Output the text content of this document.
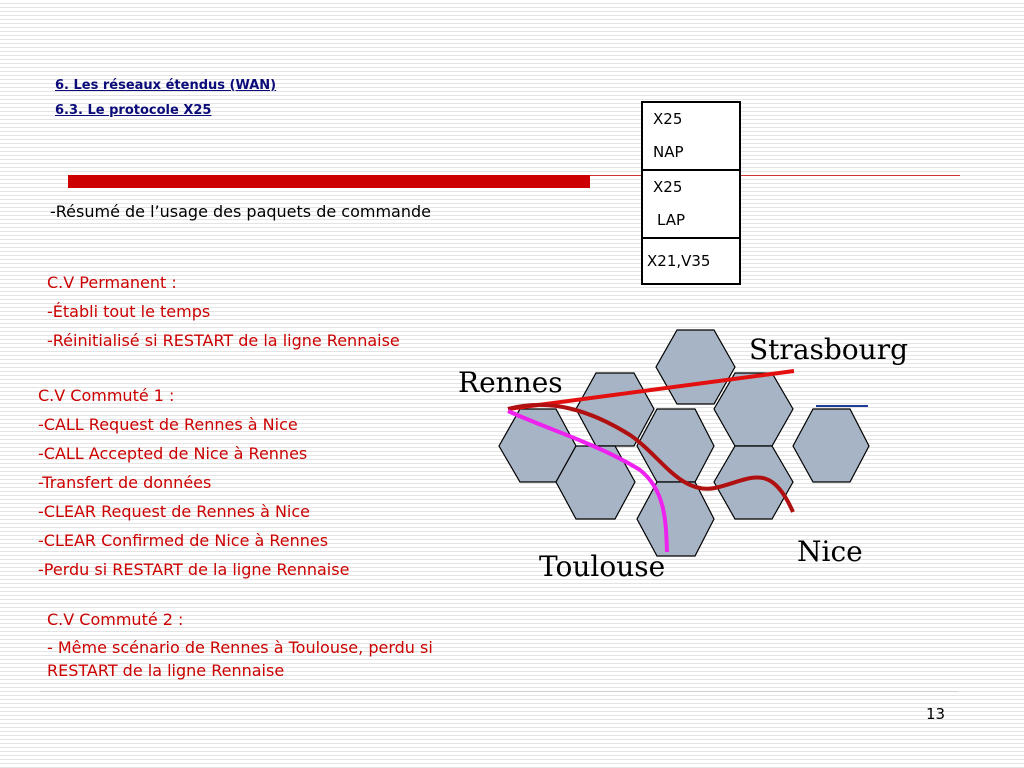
6. Les réseaux étendus (WAN)
6.3. Le protocole X25	X25
NAP
X25
LAP
X21,V35
-Résumé de l’usage des paquets de commande
C.V Permanent :
-Établi tout le temps
-Réinitialisé si RESTART de la ligne Rennaise
C.V Commuté 1 :
-CALL Request de Rennes à Nice
-CALL Accepted de Nice à Rennes
-Transfert de données
-CLEAR Request de Rennes à Nice
-CLEAR Confirmed de Nice à Rennes
-Perdu si RESTART de la ligne Rennaise
C.V Commuté 2 :
- Même scénario de Rennes à Toulouse, perdu si
RESTART de la ligne Rennaise
Strasbourg
Rennes
Nice
Toulouse
13
